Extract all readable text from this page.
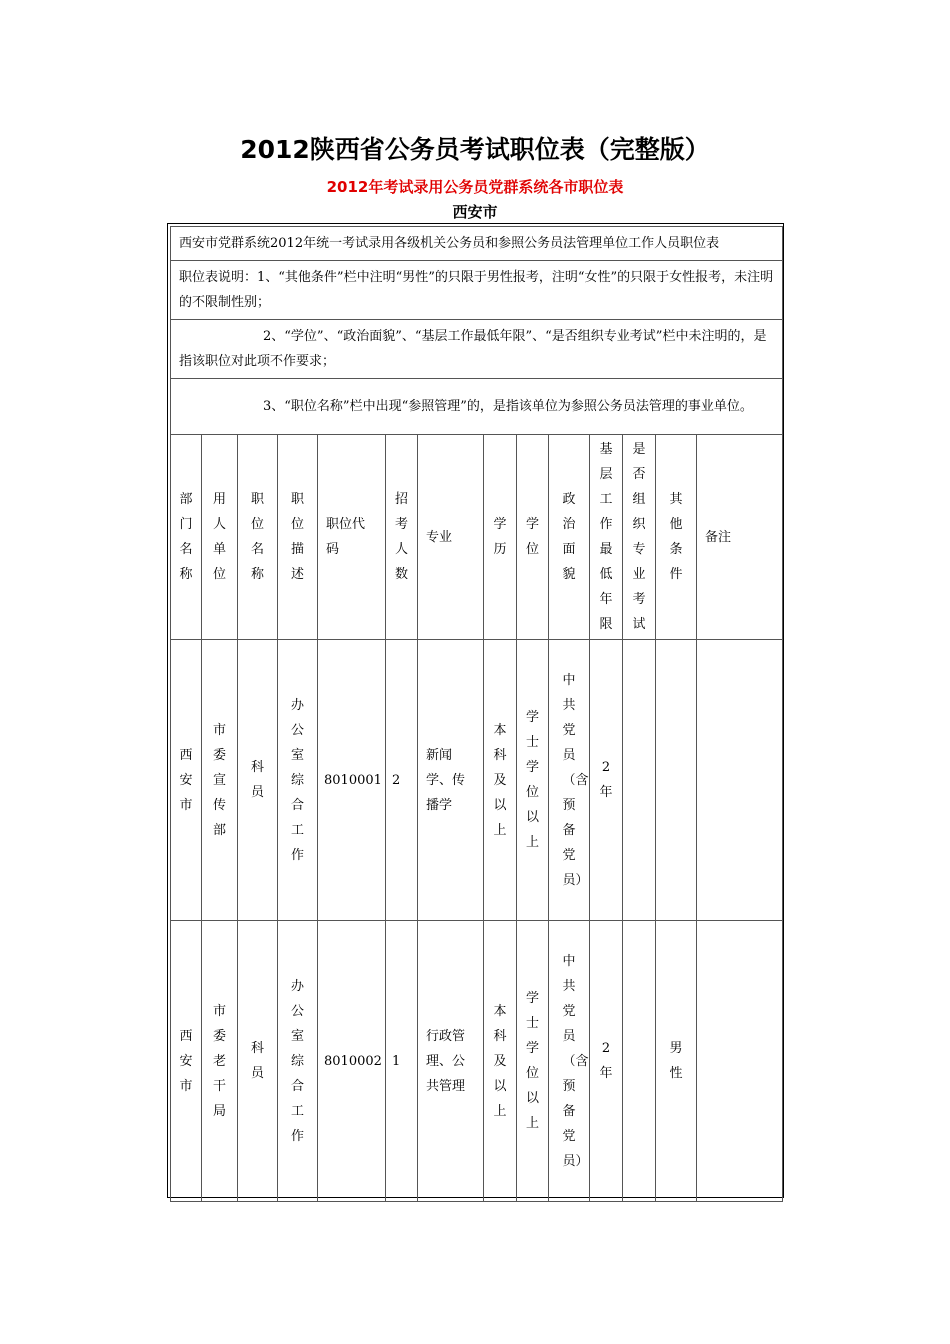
2012陕西省公务员考试职位表（完整版）
2012年考试录用公务员党群系统各市职位表
西安市
西安市党群系统2012年统一考试录用各级机关公务员和参照公务员法管理单位工作人员职位表													

职位表说明：1、“其他条件”栏中注明“男性”的只限于男性报考，注明“女性”的只限于女性报考，未注明的不限制性别；													

2、“学位”、“政治面貌”、“基层工作最低年限”、“是否组织专业考试”栏中未注明的，是指该职位对此项不作要求；													

3、“职位名称”栏中出现“参照管理”的，是指该单位为参照公务员法管理的事业单位。													

部门名称	用人单位	职位名称	职位描述	职位代码	招考人数	专业	学历	学位	政治面貌	基层工作最低年限	是否组织专业考试	其他条件	备注

西安市	市委宣传部	科员	办公室综合工作	8010001	2	新闻学、传播学	本科及以上	学士学位以上	中共党员（含预备党员）	2年			

西安市	市委老干局	科员	办公室综合工作	8010002	1	行政管理、公共管理	本科及以上	学士学位以上	中共党员（含预备党员）	2年		男性	
